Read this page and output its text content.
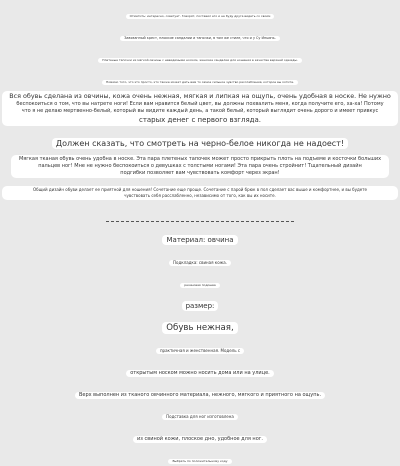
Отметить: интересно, советует. Говорят, поставил его и не буду друга видеть со своим
Завязанный крест, плоские сандалии и тапочки, в том же стиле, что и у Су Иньинь.
Плетеные тапочки из мягкой овчины с невидимыми носком, женские сандалии для ношения в качестве верхней одежды.
Помимо того, что это просто, это также может дать вам то самое сильное чувство расслабления, которое вы хотите.
Вся обувь сделана из овчины, кожа очень нежная, мягкая и липкая на ощупь, очень удобная в носке. Не нужно
беспокоиться о том, что вы натрете ноги! Если вам нравится белый цвет, вы должны похвалить меня, когда получите его, ха-ха! Потому
что я не делаю мертвенно-белый, который вы видите каждый день, а такой белый, который выглядит очень дорого и имеет привкус
старых денег с первого взгляда.
Должен сказать, что смотреть на черно-белое никогда не надоест!
Мягкая тканая обувь очень удобна в носке. Эта пара плетеных тапочек может просто прикрыть плоть на подъеме и косточки больших
пальцев ног! Мне не нужно беспокоиться о девушках с толстыми ногами! Эта пара очень стройнит! Тщательный дизайн
подгибки позволяет вам чувствовать комфорт через экран!
Общий дизайн обуви делает ее приятной для ношения! Сочетание еще проще. Сочетание с парой брюк в пол сделает вас выше и комфортнее, и вы будете
чувствовать себя расслабленно, независимо от того, как вы их носите.
Материал: овчина
Подкладка: свиная кожа.
резиновая подошва
размер:
Обувь нежная,
практичная и женственная. Модель с
открытым носком можно носить дома или на улице.
Верх выполнен из тканого овчинного материала, нежного, мягкого и приятного на ощупь.
Подставка для ног изготовлена
из свиной кожи, плоское дно, удобное для ног.
Выбрать по положительному коду
